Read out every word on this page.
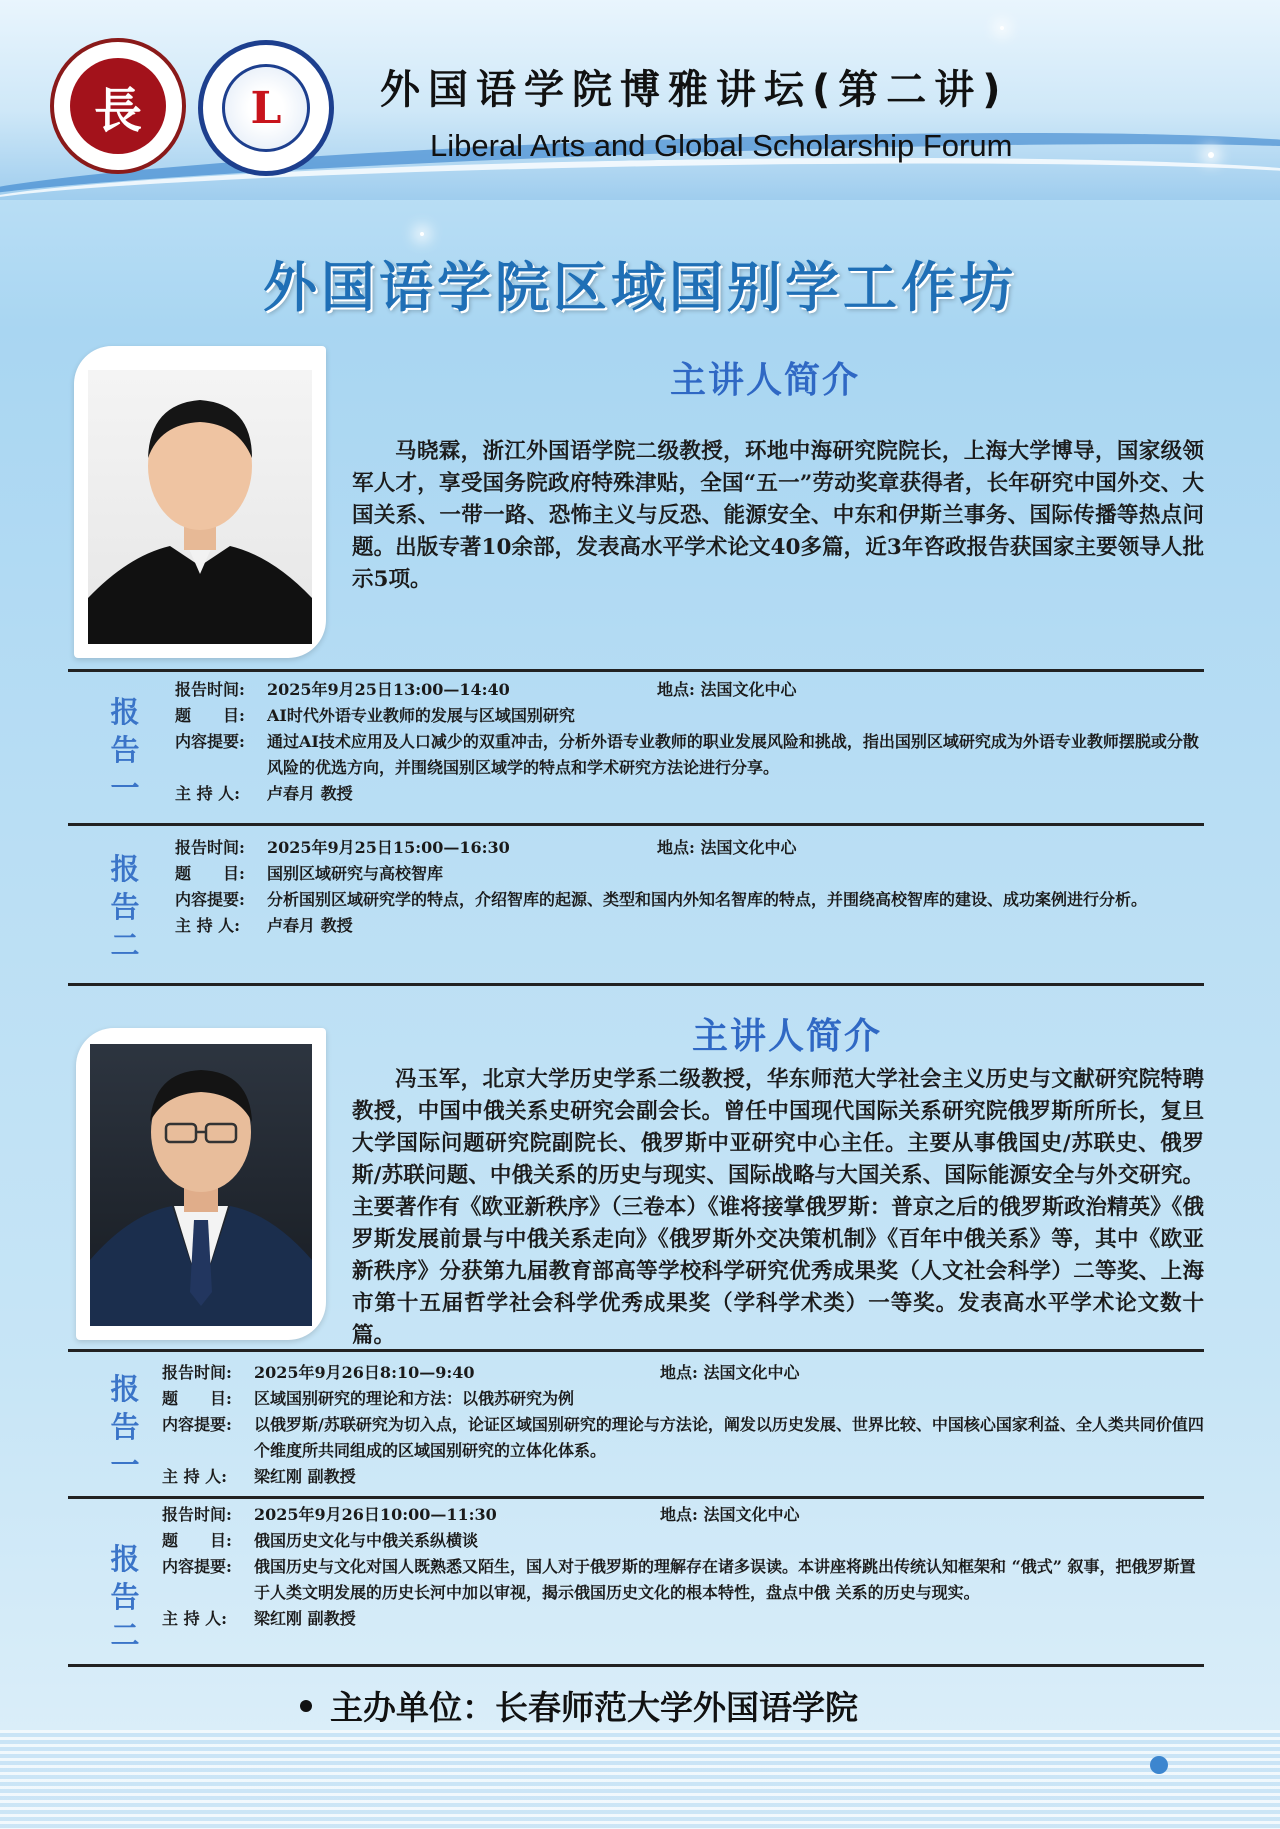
長	L	外国语学院博雅讲坛(第二讲)
Liberal Arts and Global Scholarship Forum
外国语学院区域国别学工作坊
主讲人简介
马晓霖，浙江外国语学院二级教授，环地中海研究院院长，上海大学博导，国家级领军人才，享受国务院政府特殊津贴，全国“五一”劳动奖章获得者，长年研究中国外交、大国关系、一带一路、恐怖主义与反恐、能源安全、中东和伊斯兰事务、国际传播等热点问题。出版专著10余部，发表高水平学术论文40多篇，近3年咨政报告获国家主要领导人批示5项。
报
告
一
报告时间:	2025年9月25日13:00—14:40	地点: 法国文化中心
题　　目:	AI时代外语专业教师的发展与区域国别研究
内容提要:	通过AI技术应用及人口减少的双重冲击，分析外语专业教师的职业发展风险和挑战，指出国别区域研究成为外语专业教师摆脱或分散风险的优选方向，并围绕国别区域学的特点和学术研究方法论进行分享。
主 持 人:	卢春月 教授
报
告
二
报告时间:	2025年9月25日15:00—16:30	地点: 法国文化中心
题　　目:	国别区域研究与高校智库
内容提要:	分析国别区域研究学的特点，介绍智库的起源、类型和国内外知名智库的特点，并围绕高校智库的建设、成功案例进行分析。
主 持 人:	卢春月 教授
主讲人简介
冯玉军，北京大学历史学系二级教授，华东师范大学社会主义历史与文献研究院特聘教授，中国中俄关系史研究会副会长。曾任中国现代国际关系研究院俄罗斯所所长，复旦大学国际问题研究院副院长、俄罗斯中亚研究中心主任。主要从事俄国史/苏联史、俄罗斯/苏联问题、中俄关系的历史与现实、国际战略与大国关系、国际能源安全与外交研究。主要著作有《欧亚新秩序》（三卷本）《谁将接掌俄罗斯：普京之后的俄罗斯政治精英》《俄罗斯发展前景与中俄关系走向》《俄罗斯外交决策机制》《百年中俄关系》等，其中《欧亚新秩序》分获第九届教育部高等学校科学研究优秀成果奖（人文社会科学）二等奖、上海市第十五届哲学社会科学优秀成果奖（学科学术类）一等奖。发表高水平学术论文数十篇。
报
告
一
报告时间:	2025年9月26日8:10—9:40	地点: 法国文化中心
题　　目:	区域国别研究的理论和方法：以俄苏研究为例
内容提要:	以俄罗斯/苏联研究为切入点，论证区域国别研究的理论与方法论，阐发以历史发展、世界比较、中国核心国家利益、全人类共同价值四个维度所共同组成的区域国别研究的立体化体系。
主 持 人:	梁红刚 副教授
报
告
二
报告时间:	2025年9月26日10:00—11:30	地点: 法国文化中心
题　　目:	俄国历史文化与中俄关系纵横谈
内容提要:	俄国历史与文化对国人既熟悉又陌生，国人对于俄罗斯的理解存在诸多误读。本讲座将跳出传统认知框架和 “俄式” 叙事，把俄罗斯置于人类文明发展的历史长河中加以审视，揭示俄国历史文化的根本特性，盘点中俄 关系的历史与现实。
主 持 人:	梁红刚 副教授
主办单位：长春师范大学外国语学院
